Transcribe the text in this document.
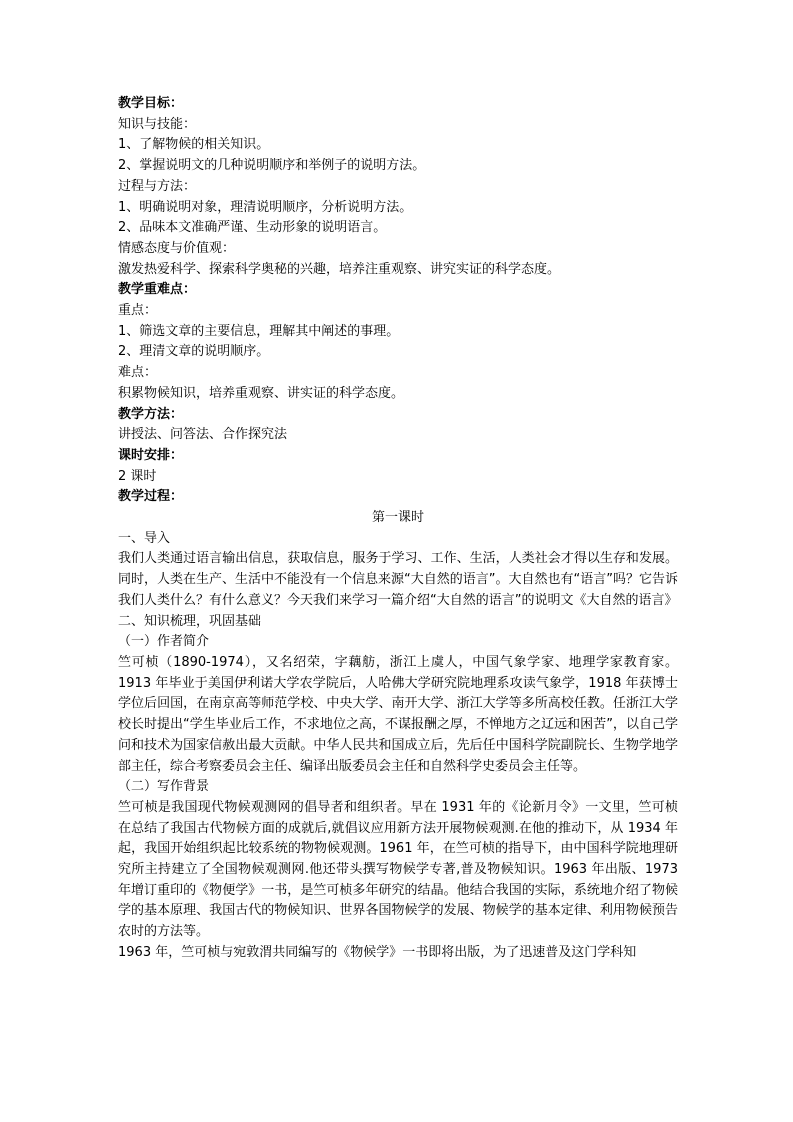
教学目标：
知识与技能：
1、了解物候的相关知识。
2、掌握说明文的几种说明顺序和举例子的说明方法。
过程与方法：
1、明确说明对象，理清说明顺序，分析说明方法。
2、品味本文准确严谨、生动形象的说明语言。
情感态度与价值观：
激发热爱科学、探索科学奥秘的兴趣，培养注重观察、讲究实证的科学态度。
教学重难点：
重点：
1、筛选文章的主要信息，理解其中阐述的事理。
2、理清文章的说明顺序。
难点：
积累物候知识，培养重观察、讲实证的科学态度。
教学方法：
讲授法、问答法、合作探究法
课时安排：
2 课时
教学过程：
第一课时
一、导入
我们人类通过语言输出信息，获取信息，服务于学习、工作、生活，人类社会才得以生存和发展。同时，人类在生产、生活中不能没有一个信息来源“大自然的语言”。大自然也有“语言”吗？它告诉我们人类什么？有什么意义？今天我们来学习一篇介绍“大自然的语言”的说明文《大自然的语言》
二、知识梳理，巩固基础
（一）作者简介
竺可桢（1890-1974），又名绍荣，字藕舫，浙江上虞人，中国气象学家、地理学家教育家。1913 年毕业于美国伊利诺大学农学院后，人哈佛大学研究院地理系攻读气象学，1918 年获博士学位后回国，在南京高等师范学校、中央大学、南开大学、浙江大学等多所高校任教。任浙江大学校长时提出“学生毕业后工作，不求地位之高，不谋报酬之厚，不惮地方之辽远和困苦”，以自己学问和技术为国家信赦出最大贡献。中华人民共和国成立后，先后任中国科学院副院长、生物学地学部主任，综合考察委员会主任、编译出版委员会主任和自然科学史委员会主任等。
（二）写作背景
竺可桢是我国现代物候观测网的倡导者和组织者。早在 1931 年的《论新月令》一文里，竺可桢在总结了我国古代物候方面的成就后,就倡议应用新方法开展物候观测.在他的推动下，从 1934 年起，我国开始组织起比较系统的物物候观测。1961 年，在竺可桢的指导下，由中国科学院地理研究所主持建立了全国物候观测网.他还带头撰写物候学专著,普及物候知识。1963 年出版、1973 年增订重印的《物便学》一书，是竺可桢多年研究的结晶。他结合我国的实际，系统地介绍了物候学的基本原理、我国古代的物候知识、世界各国物候学的发展、物候学的基本定律、利用物候预告农时的方法等。
1963 年，竺可桢与宛敦渭共同编写的《物候学》一书即将出版，为了迅速普及这门学科知
